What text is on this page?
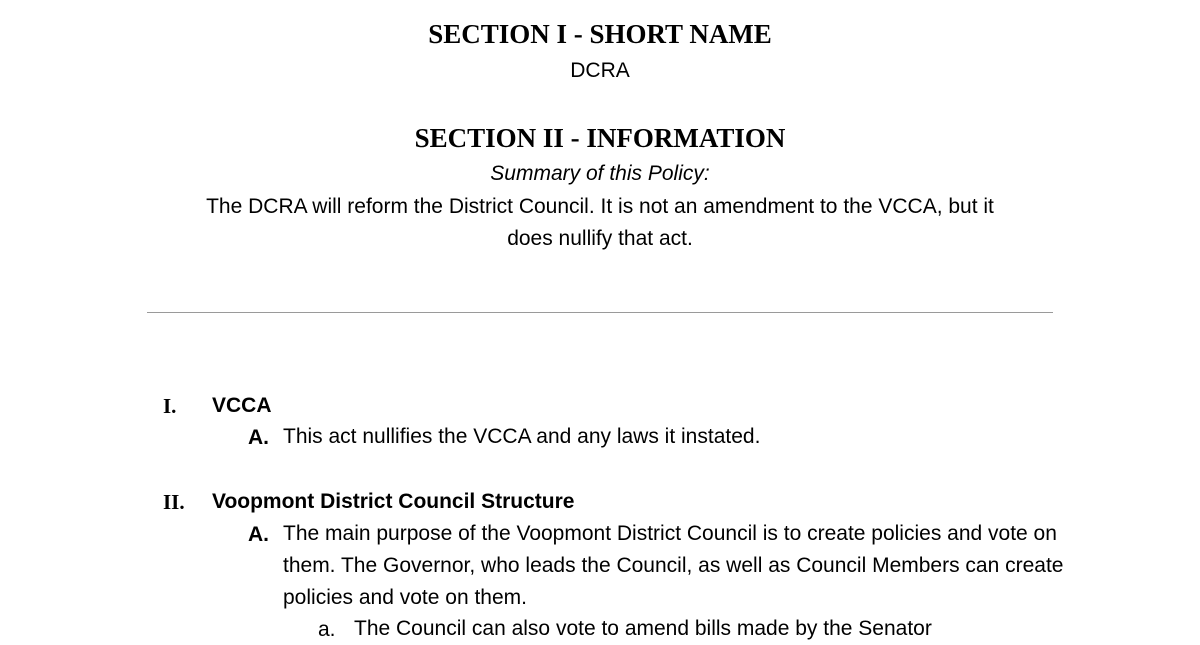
SECTION I - SHORT NAME

DCRA

SECTION II - INFORMATION

Summary of this Policy:

The DCRA will reform the District Council. It is not an amendment to the VCCA, but it

does nullify that act.

I. VCCA
A. This act nullifies the VCCA and any laws it instated.
II. Voopmont District Council Structure
A. The main purpose of the Voopmont District Council is to create policies and vote on them. The Governor, who leads the Council, as well as Council Members can create policies and vote on them.
a. The Council can also vote to amend bills made by the Senator
